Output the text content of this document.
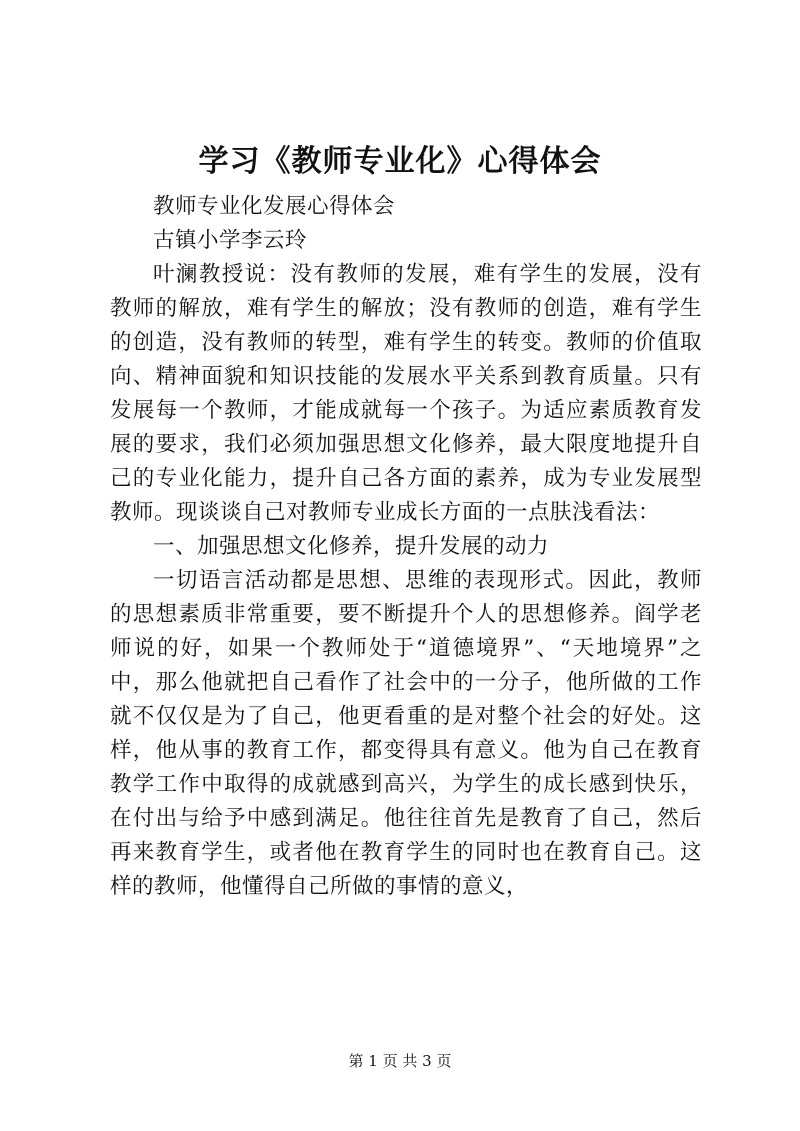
学习《教师专业化》心得体会

教师专业化发展心得体会

古镇小学李云玲

叶澜教授说：没有教师的发展，难有学生的发展，没有教师的解放，难有学生的解放；没有教师的创造，难有学生的创造，没有教师的转型，难有学生的转变。教师的价值取向、精神面貌和知识技能的发展水平关系到教育质量。只有发展每一个教师，才能成就每一个孩子。为适应素质教育发展的要求，我们必须加强思想文化修养，最大限度地提升自己的专业化能力，提升自己各方面的素养，成为专业发展型教师。现谈谈自己对教师专业成长方面的一点肤浅看法：

一、加强思想文化修养，提升发展的动力

一切语言活动都是思想、思维的表现形式。因此，教师的思想素质非常重要，要不断提升个人的思想修养。阎学老师说的好，如果一个教师处于“道德境界”、“天地境界”之中，那么他就把自己看作了社会中的一分子，他所做的工作就不仅仅是为了自己，他更看重的是对整个社会的好处。这样，他从事的教育工作，都变得具有意义。他为自己在教育教学工作中取得的成就感到高兴，为学生的成长感到快乐，在付出与给予中感到满足。他往往首先是教育了自己，然后再来教育学生，或者他在教育学生的同时也在教育自己。这样的教师，他懂得自己所做的事情的意义，

第 1 页 共 3 页
